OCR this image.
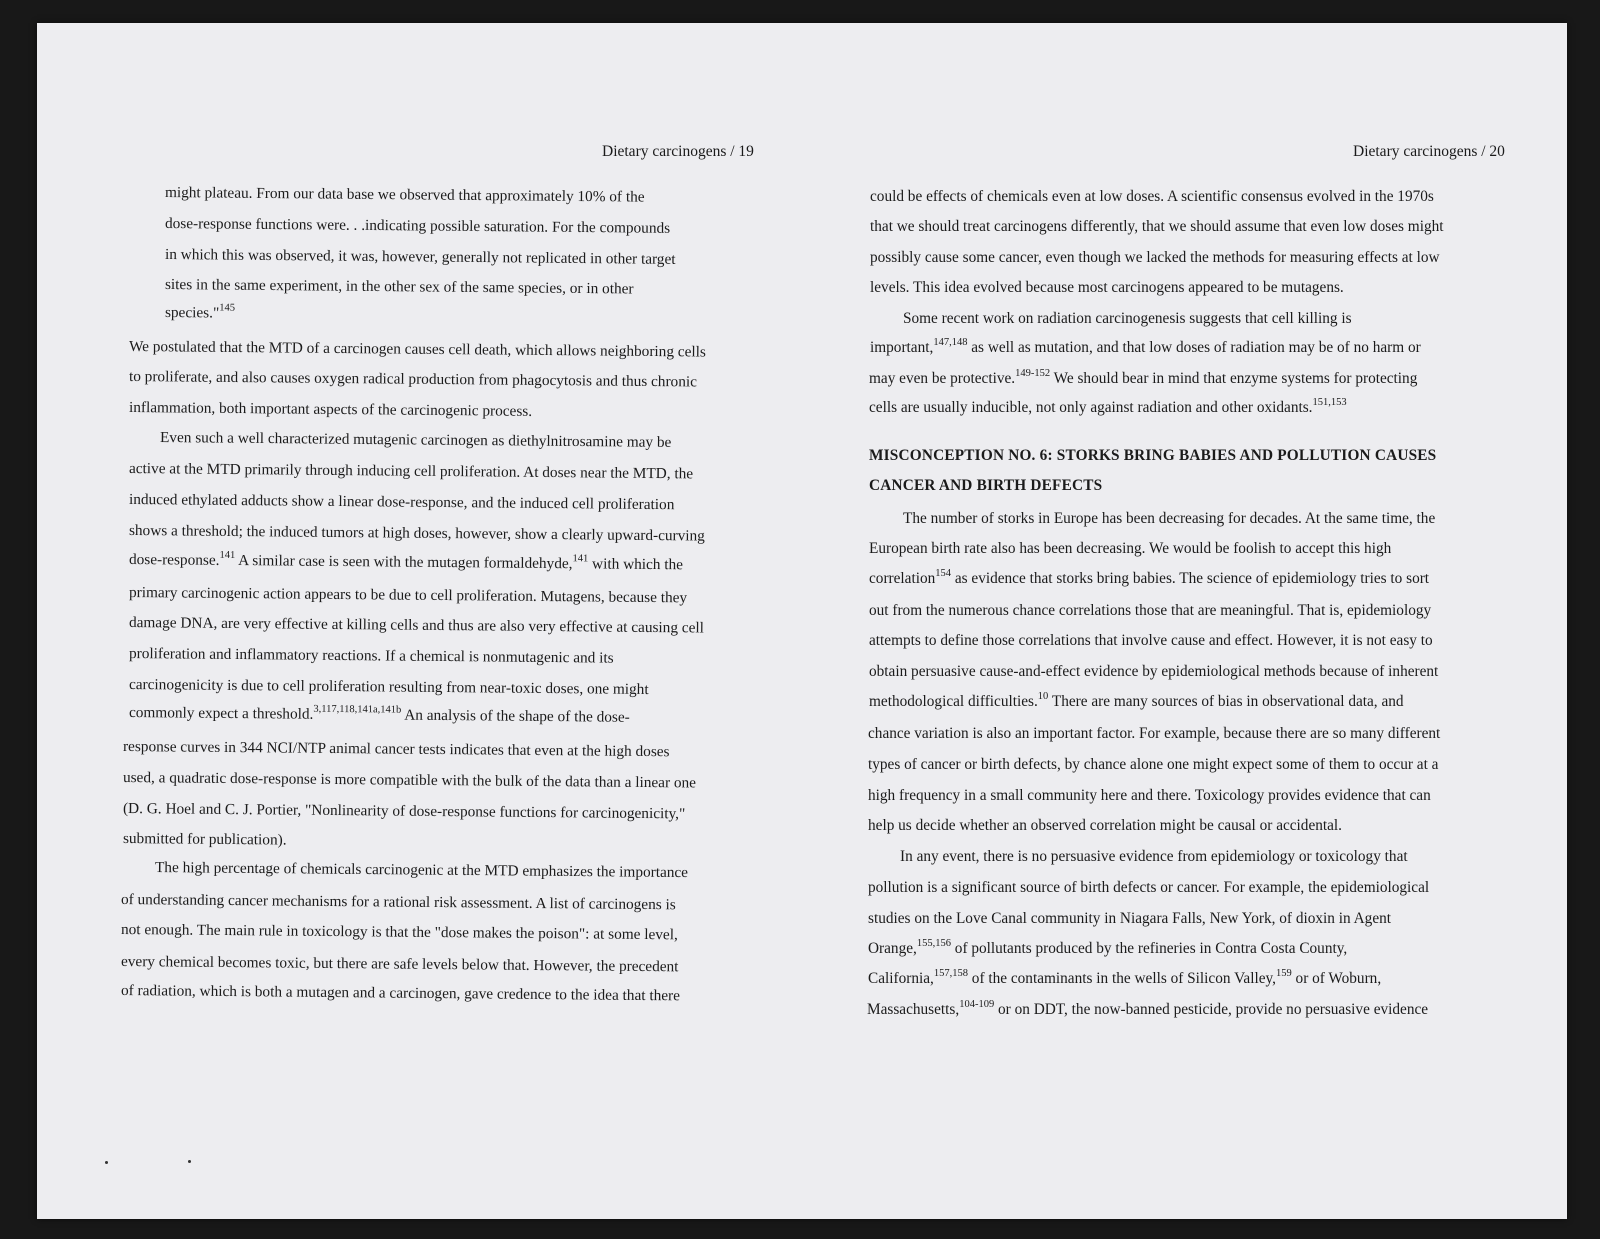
Dietary carcinogens / 19
might plateau. From our data base we observed that approximately 10% of the
dose-response functions were. . .indicating possible saturation. For the compounds
in which this was observed, it was, however, generally not replicated in other target
sites in the same experiment, in the other sex of the same species, or in other
species."$^{145}$
We postulated that the MTD of a carcinogen causes cell death, which allows neighboring cells
to proliferate, and also causes oxygen radical production from phagocytosis and thus chronic
inflammation, both important aspects of the carcinogenic process.
Even such a well characterized mutagenic carcinogen as diethylnitrosamine may be
active at the MTD primarily through inducing cell proliferation. At doses near the MTD, the
induced ethylated adducts show a linear dose-response, and the induced cell proliferation
shows a threshold; the induced tumors at high doses, however, show a clearly upward-curving
dose-response.$^{141}$ A similar case is seen with the mutagen formaldehyde,$^{141}$ with which the
primary carcinogenic action appears to be due to cell proliferation. Mutagens, because they
damage DNA, are very effective at killing cells and thus are also very effective at causing cell
proliferation and inflammatory reactions. If a chemical is nonmutagenic and its
carcinogenicity is due to cell proliferation resulting from near-toxic doses, one might
commonly expect a threshold.$^{3,117,118,141a,141b}$ An analysis of the shape of the dose-
response curves in 344 NCI/NTP animal cancer tests indicates that even at the high doses
used, a quadratic dose-response is more compatible with the bulk of the data than a linear one
(D. G. Hoel and C. J. Portier, "Nonlinearity of dose-response functions for carcinogenicity,"
submitted for publication).
The high percentage of chemicals carcinogenic at the MTD emphasizes the importance
of understanding cancer mechanisms for a rational risk assessment. A list of carcinogens is
not enough. The main rule in toxicology is that the "dose makes the poison": at some level,
every chemical becomes toxic, but there are safe levels below that. However, the precedent
of radiation, which is both a mutagen and a carcinogen, gave credence to the idea that there
Dietary carcinogens / 20
could be effects of chemicals even at low doses. A scientific consensus evolved in the 1970s
that we should treat carcinogens differently, that we should assume that even low doses might
possibly cause some cancer, even though we lacked the methods for measuring effects at low
levels. This idea evolved because most carcinogens appeared to be mutagens.
Some recent work on radiation carcinogenesis suggests that cell killing is
important,$^{147,148}$ as well as mutation, and that low doses of radiation may be of no harm or
may even be protective.$^{149-152}$ We should bear in mind that enzyme systems for protecting
cells are usually inducible, not only against radiation and other oxidants.$^{151,153}$
MISCONCEPTION NO. 6: STORKS BRING BABIES AND POLLUTION CAUSES
CANCER AND BIRTH DEFECTS
The number of storks in Europe has been decreasing for decades. At the same time, the
European birth rate also has been decreasing. We would be foolish to accept this high
correlation$^{154}$ as evidence that storks bring babies. The science of epidemiology tries to sort
out from the numerous chance correlations those that are meaningful. That is, epidemiology
attempts to define those correlations that involve cause and effect. However, it is not easy to
obtain persuasive cause-and-effect evidence by epidemiological methods because of inherent
methodological difficulties.$^{10}$ There are many sources of bias in observational data, and
chance variation is also an important factor. For example, because there are so many different
types of cancer or birth defects, by chance alone one might expect some of them to occur at a
high frequency in a small community here and there. Toxicology provides evidence that can
help us decide whether an observed correlation might be causal or accidental.
In any event, there is no persuasive evidence from epidemiology or toxicology that
pollution is a significant source of birth defects or cancer. For example, the epidemiological
studies on the Love Canal community in Niagara Falls, New York, of dioxin in Agent
Orange,$^{155,156}$ of pollutants produced by the refineries in Contra Costa County,
California,$^{157,158}$ of the contaminants in the wells of Silicon Valley,$^{159}$ or of Woburn,
Massachusetts,$^{104-109}$ or on DDT, the now-banned pesticide, provide no persuasive evidence
